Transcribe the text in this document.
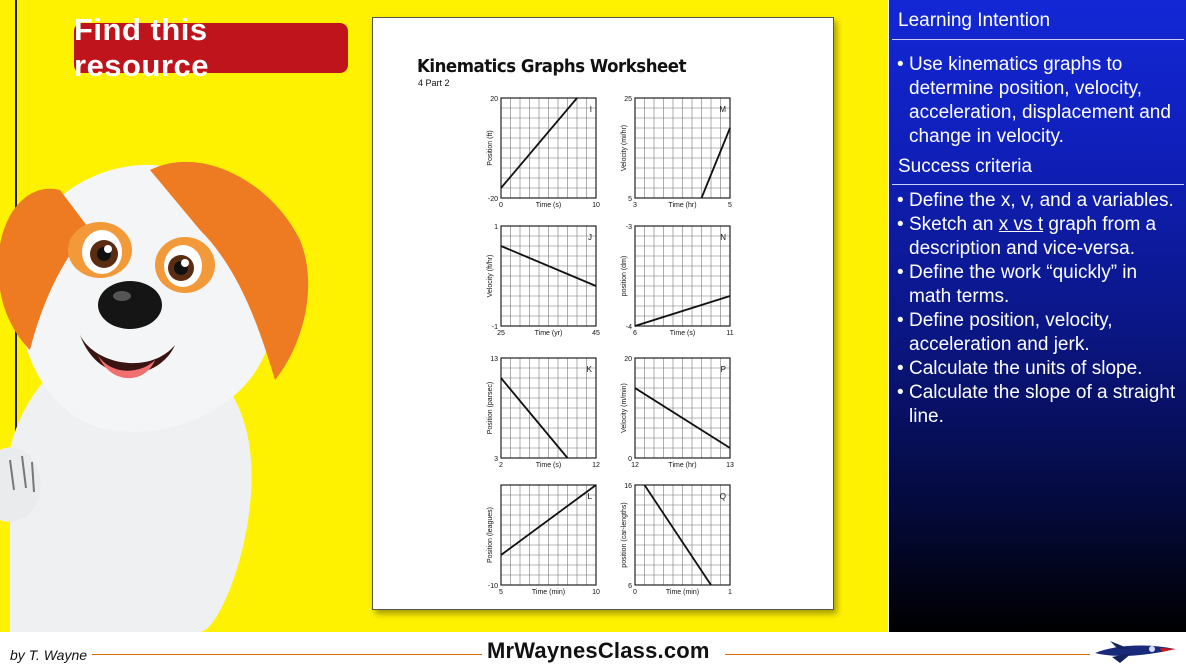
Find this resource	Kinematics Graphs Worksheet
4 Part 2
I
20
-20
0	10
Time (s)
Position (ft)
M
25
5
3	5
Time (hr)
Velocity (mi/hr)
J
1
-1
25	45
Time (yr)
Velocity (ft/hr)
N
-3
-4
6	11
Time (s)
position (dm)
K
13
3
2	12
Time (s)
Position (parsec)
P
20
0
12	13
Time (hr)
Velocity (m/min)
L
-10
5	10
Time (min)
Position (leagues)
Q
16
6
0	1
Time (min)
position (car-lengths)
Learning Intention
• Use kinematics graphs to determine position, velocity, acceleration, displacement and change in velocity.
Success criteria
• Define the x, v, and a variables.
• Sketch an x vs t graph from a description and vice-versa.
• Define the work “quickly” in math terms.
• Define position, velocity, acceleration and jerk.
• Calculate the units of slope.
• Calculate the slope of a straight line.
by T. Wayne	MrWaynesClass.com
